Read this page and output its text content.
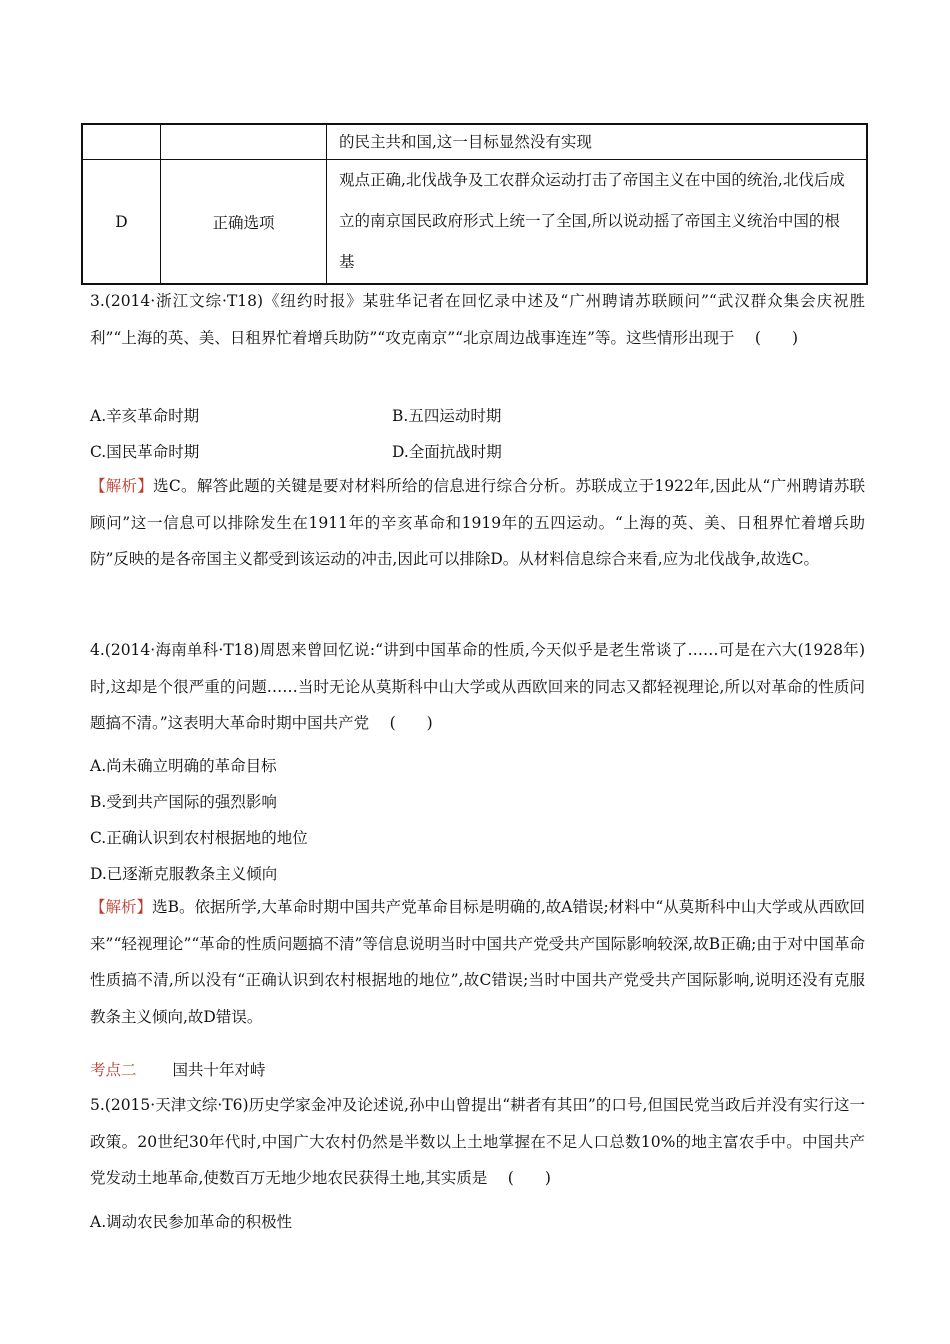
		的民主共和国,这一目标显然没有实现
D	正确选项	观点正确,北伐战争及工农群众运动打击了帝国主义在中国的统治,北伐后成立的南京国民政府形式上统一了全国,所以说动摇了帝国主义统治中国的根基
3.(2014·浙江文综·T18)《纽约时报》某驻华记者在回忆录中述及“广州聘请苏联顾问”“武汉群众集会庆祝胜利”“上海的英、美、日租界忙着增兵助防”“攻克南京”“北京周边战事连连”等。这些情形出现于 　(　　)
A.辛亥革命时期	B.五四运动时期
C.国民革命时期	D.全面抗战时期
【解析】选C。解答此题的关键是要对材料所给的信息进行综合分析。苏联成立于1922年,因此从“广州聘请苏联顾问”这一信息可以排除发生在1911年的辛亥革命和1919年的五四运动。“上海的英、美、日租界忙着增兵助防”反映的是各帝国主义都受到该运动的冲击,因此可以排除D。从材料信息综合来看,应为北伐战争,故选C。
4.(2014·海南单科·T18)周恩来曾回忆说:“讲到中国革命的性质,今天似乎是老生常谈了……可是在六大(1928年)时,这却是个很严重的问题……当时无论从莫斯科中山大学或从西欧回来的同志又都轻视理论,所以对革命的性质问题搞不清。”这表明大革命时期中国共产党 　(　　)
A.尚未确立明确的革命目标
B.受到共产国际的强烈影响
C.正确认识到农村根据地的地位
D.已逐渐克服教条主义倾向
【解析】选B。依据所学,大革命时期中国共产党革命目标是明确的,故A错误;材料中“从莫斯科中山大学或从西欧回来”“轻视理论”“革命的性质问题搞不清”等信息说明当时中国共产党受共产国际影响较深,故B正确;由于对中国革命性质搞不清,所以没有“正确认识到农村根据地的地位”,故C错误;当时中国共产党受共产国际影响,说明还没有克服教条主义倾向,故D错误。
考点二 国共十年对峙
5.(2015·天津文综·T6)历史学家金冲及论述说,孙中山曾提出“耕者有其田”的口号,但国民党当政后并没有实行这一政策。20世纪30年代时,中国广大农村仍然是半数以上土地掌握在不足人口总数10%的地主富农手中。中国共产党发动土地革命,使数百万无地少地农民获得土地,其实质是 　(　　)
A.调动农民参加革命的积极性
